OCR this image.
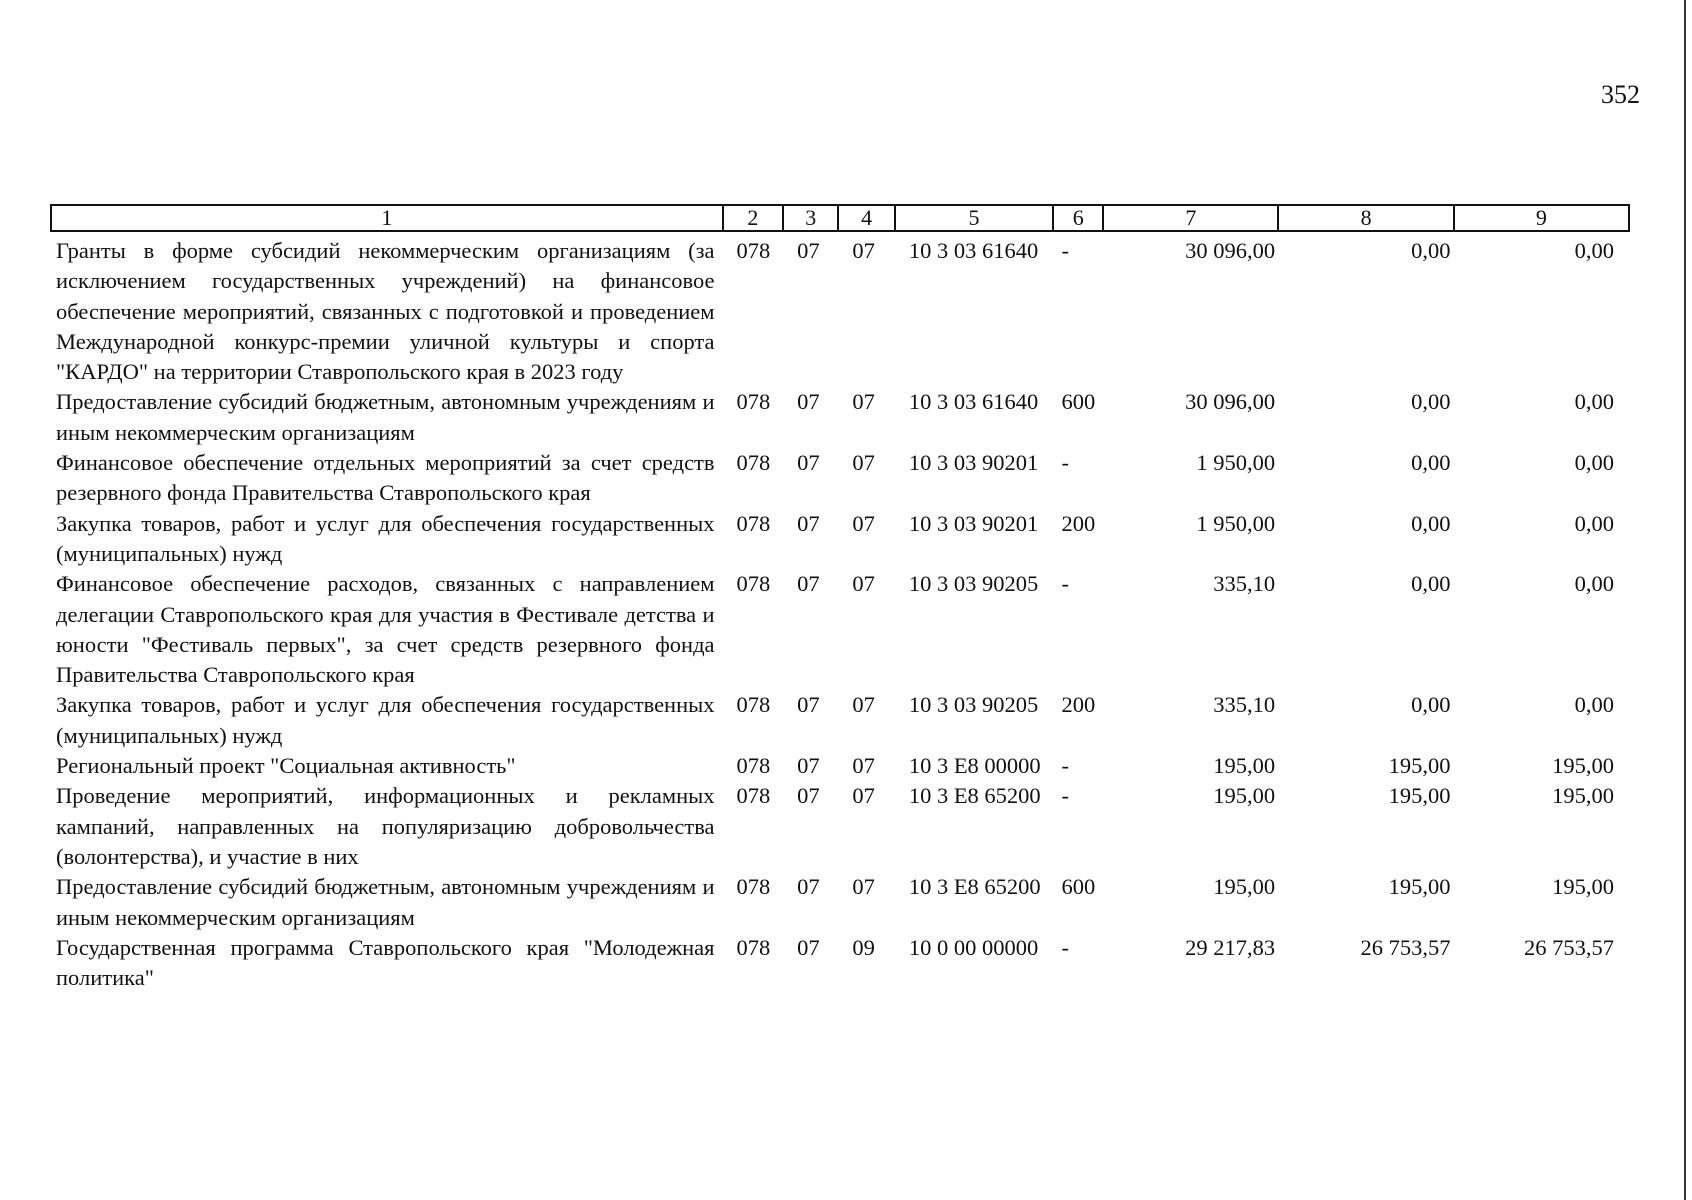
352
1	2	3	4	5	6	7	8	9
Гранты в форме субсидий некоммерческим организациям (за исключением государственных учреждений) на финансовое обеспечение мероприятий, связанных с подготовкой и проведением Международной конкурс-премии уличной культуры и спорта "КАРДО" на территории Ставропольского края в 2023 году	078	07	07	10 3 03 61640	-	30 096,00	0,00	0,00
Предоставление субсидий бюджетным, автономным учреждениям и иным некоммерческим организациям	078	07	07	10 3 03 61640	600	30 096,00	0,00	0,00
Финансовое обеспечение отдельных мероприятий за счет средств резервного фонда Правительства Ставропольского края	078	07	07	10 3 03 90201	-	1 950,00	0,00	0,00
Закупка товаров, работ и услуг для обеспечения государственных (муниципальных) нужд	078	07	07	10 3 03 90201	200	1 950,00	0,00	0,00
Финансовое обеспечение расходов, связанных с направлением делегации Ставропольского края для участия в Фестивале детства и юности "Фестиваль первых", за счет средств резервного фонда Правительства Ставропольского края	078	07	07	10 3 03 90205	-	335,10	0,00	0,00
Закупка товаров, работ и услуг для обеспечения государственных (муниципальных) нужд	078	07	07	10 3 03 90205	200	335,10	0,00	0,00
Региональный проект "Социальная активность"	078	07	07	10 3 E8 00000	-	195,00	195,00	195,00
Проведение мероприятий, информационных и рекламных кампаний, направленных на популяризацию добровольчества (волонтерства), и участие в них	078	07	07	10 3 E8 65200	-	195,00	195,00	195,00
Предоставление субсидий бюджетным, автономным учреждениям и иным некоммерческим организациям	078	07	07	10 3 E8 65200	600	195,00	195,00	195,00
Государственная программа Ставропольского края "Молодежная политика"	078	07	09	10 0 00 00000	-	29 217,83	26 753,57	26 753,57
